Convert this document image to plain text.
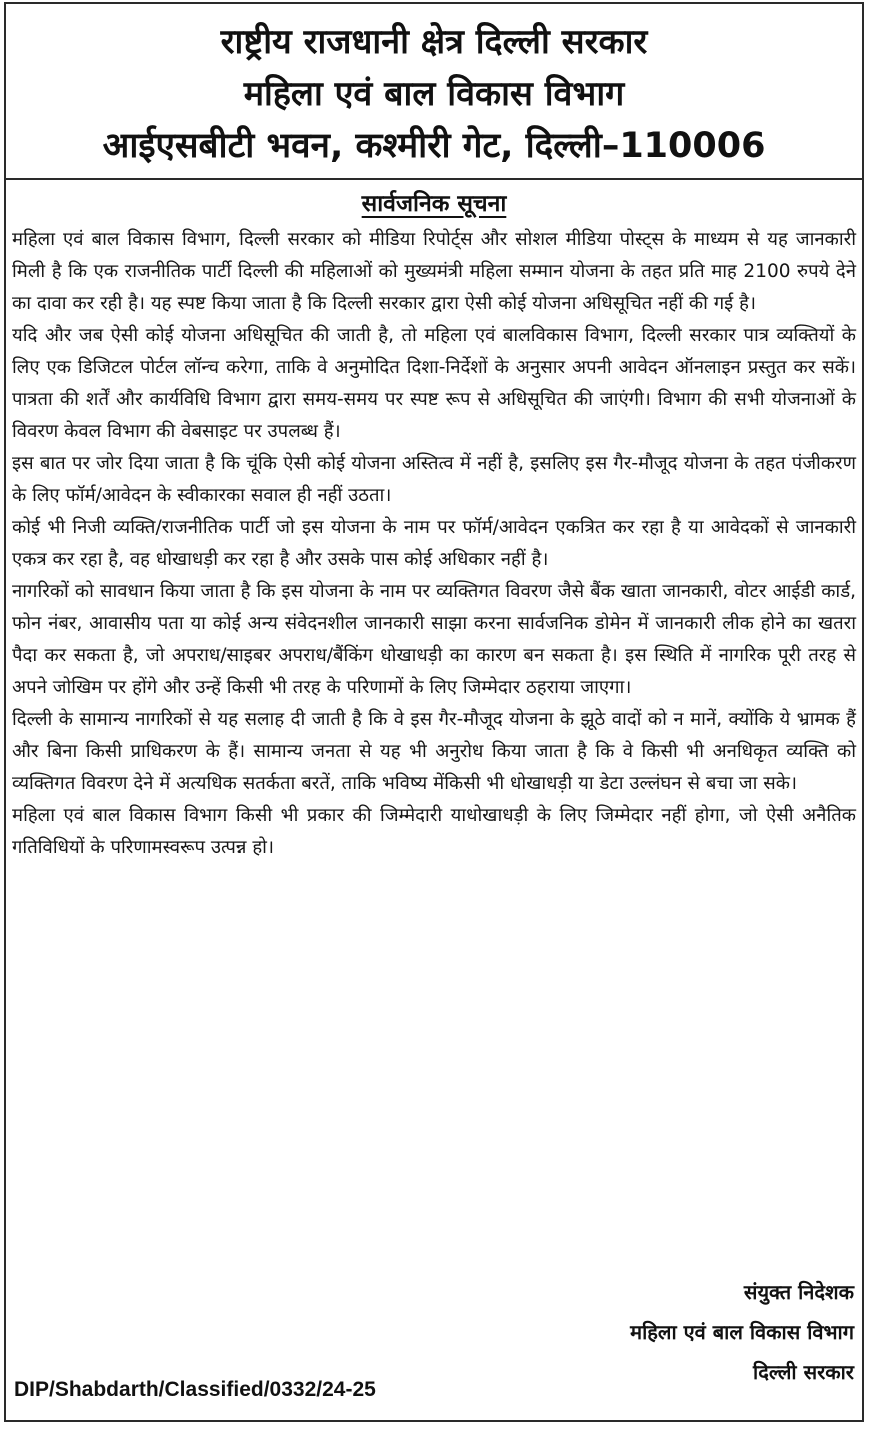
राष्ट्रीय राजधानी क्षेत्र दिल्ली सरकार
महिला एवं बाल विकास विभाग
आईएसबीटी भवन, कश्मीरी गेट, दिल्ली–110006
सार्वजनिक सूचना

महिला एवं बाल विकास विभाग, दिल्ली सरकार को मीडिया रिपोर्ट्स और सोशल मीडिया पोस्ट्स के माध्यम से यह जानकारी मिली है कि एक राजनीतिक पार्टी दिल्ली की महिलाओं को मुख्यमंत्री महिला सम्मान योजना के तहत प्रति माह 2100 रुपये देने का दावा कर रही है। यह स्पष्ट किया जाता है कि दिल्ली सरकार द्वारा ऐसी कोई योजना अधिसूचित नहीं की गई है।

यदि और जब ऐसी कोई योजना अधिसूचित की जाती है, तो महिला एवं बालविकास विभाग, दिल्ली सरकार पात्र व्यक्तियों के लिए एक डिजिटल पोर्टल लॉन्च करेगा, ताकि वे अनुमोदित दिशा-निर्देशों के अनुसार अपनी आवेदन ऑनलाइन प्रस्तुत कर सकें। पात्रता की शर्तें और कार्यविधि विभाग द्वारा समय-समय पर स्पष्ट रूप से अधिसूचित की जाएंगी। विभाग की सभी योजनाओं के विवरण केवल विभाग की वेबसाइट पर उपलब्ध हैं।

इस बात पर जोर दिया जाता है कि चूंकि ऐसी कोई योजना अस्तित्व में नहीं है, इसलिए इस गैर-मौजूद योजना के तहत पंजीकरण के लिए फॉर्म/आवेदन के स्वीकारका सवाल ही नहीं उठता।

कोई भी निजी व्यक्ति/राजनीतिक पार्टी जो इस योजना के नाम पर फॉर्म/आवेदन एकत्रित कर रहा है या आवेदकों से जानकारी एकत्र कर रहा है, वह धोखाधड़ी कर रहा है और उसके पास कोई अधिकार नहीं है।

नागरिकों को सावधान किया जाता है कि इस योजना के नाम पर व्यक्तिगत विवरण जैसे बैंक खाता जानकारी, वोटर आईडी कार्ड, फोन नंबर, आवासीय पता या कोई अन्य संवेदनशील जानकारी साझा करना सार्वजनिक डोमेन में जानकारी लीक होने का खतरा पैदा कर सकता है, जो अपराध/साइबर अपराध/बैंकिंग धोखाधड़ी का कारण बन सकता है। इस स्थिति में नागरिक पूरी तरह से अपने जोखिम पर होंगे और उन्हें किसी भी तरह के परिणामों के लिए जिम्मेदार ठहराया जाएगा।

दिल्ली के सामान्य नागरिकों से यह सलाह दी जाती है कि वे इस गैर-मौजूद योजना के झूठे वादों को न मानें, क्योंकि ये भ्रामक हैं और बिना किसी प्राधिकरण के हैं। सामान्य जनता से यह भी अनुरोध किया जाता है कि वे किसी भी अनधिकृत व्यक्ति को व्यक्तिगत विवरण देने में अत्यधिक सतर्कता बरतें, ताकि भविष्य मेंकिसी भी धोखाधड़ी या डेटा उल्लंघन से बचा जा सके।

महिला एवं बाल विकास विभाग किसी भी प्रकार की जिम्मेदारी याधोखाधड़ी के लिए जिम्मेदार नहीं होगा, जो ऐसी अनैतिक गतिविधियों के परिणामस्वरूप उत्पन्न हो।

संयुक्त निदेशक
महिला एवं बाल विकास विभाग
दिल्ली सरकार
DIP/Shabdarth/Classified/0332/24-25
